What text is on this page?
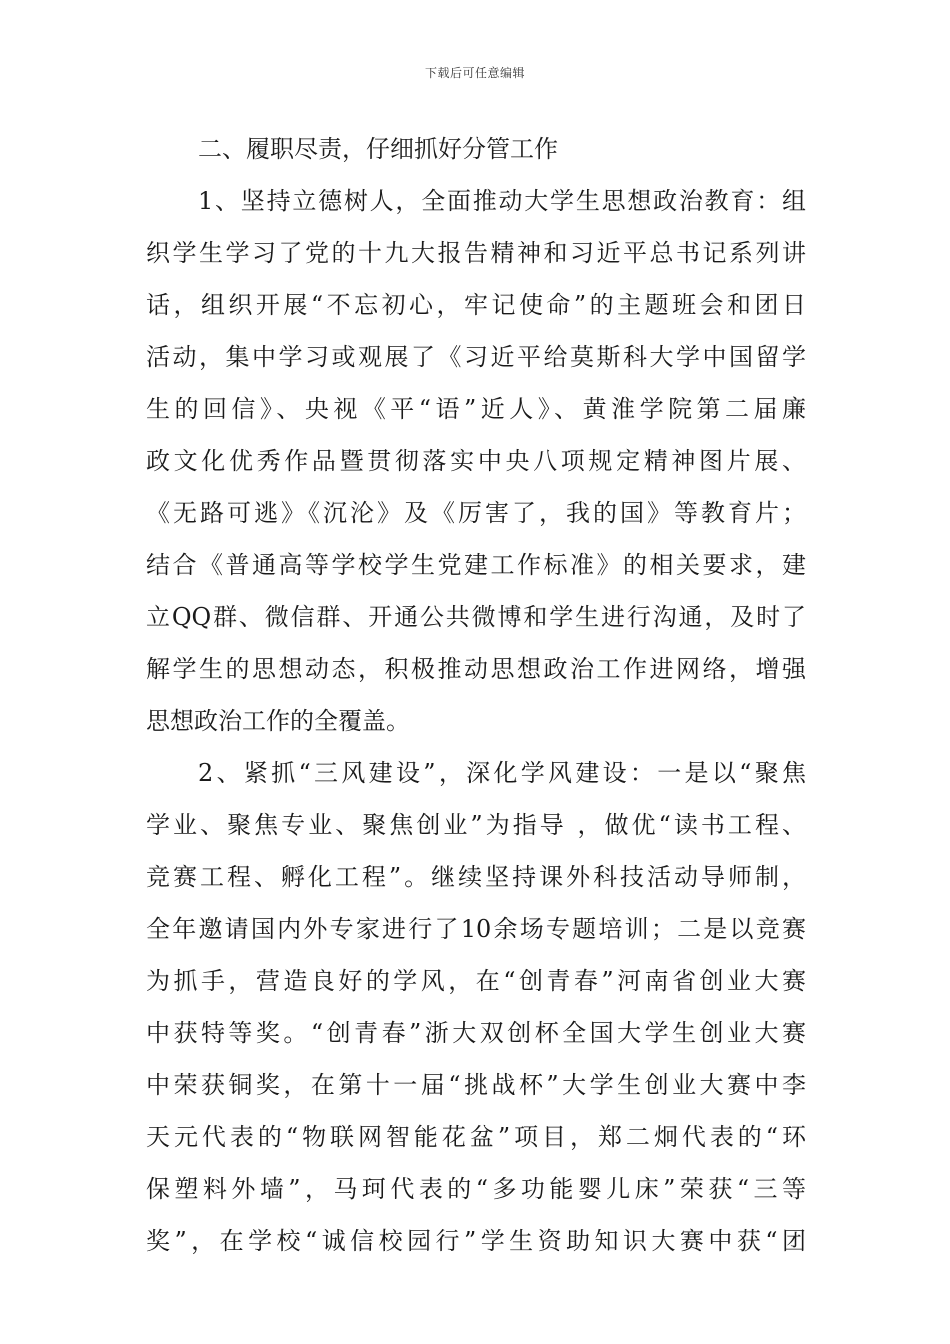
下载后可任意编辑
二、履职尽责，仔细抓好分管工作
1、坚持立德树人，全面推动大学生思想政治教育：组
织学生学习了党的十九大报告精神和习近平总书记系列讲
话，组织开展“不忘初心，牢记使命”的主题班会和团日
活动，集中学习或观展了《习近平给莫斯科大学中国留学
生的回信》、央视《平“语”近人》、黄淮学院第二届廉
政文化优秀作品暨贯彻落实中央八项规定精神图片展、
《无路可逃》《沉沦》及《厉害了，我的国》等教育片；
结合《普通高等学校学生党建工作标准》的相关要求，建
立QQ群、微信群、开通公共微博和学生进行沟通，及时了
解学生的思想动态，积极推动思想政治工作进网络，增强
思想政治工作的全覆盖。
2、紧抓“三风建设”，深化学风建设：一是以“聚焦
学业、聚焦专业、聚焦创业”为指导 ，做优“读书工程、
竞赛工程、孵化工程”。继续坚持课外科技活动导师制，
全年邀请国内外专家进行了10余场专题培训；二是以竞赛
为抓手，营造良好的学风，在“创青春”河南省创业大赛
中获特等奖。“创青春”浙大双创杯全国大学生创业大赛
中荣获铜奖，在第十一届“挑战杯”大学生创业大赛中李
天元代表的“物联网智能花盆”项目，郑二炯代表的“环
保塑料外墙”，马珂代表的“多功能婴儿床”荣获“三等
奖”，在学校“诚信校园行”学生资助知识大赛中获“团
